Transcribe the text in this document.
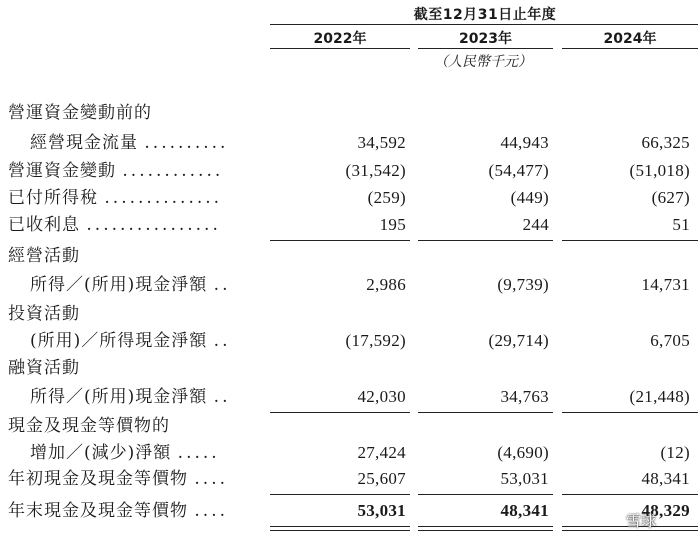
截至12月31日止年度
2022年	2023年	2024年
（人民幣千元）
營運資金變動前的
經營現金流量 ..........	34,592	44,943	66,325
營運資金變動 ............	(31,542)	(54,477)	(51,018)
已付所得稅 ..............	(259)	(449)	(627)
已收利息 ................	195	244	51
經營活動
所得／(所用)現金淨額 ..	2,986	(9,739)	14,731
投資活動
(所用)／所得現金淨額 ..	(17,592)	(29,714)	6,705
融資活動
所得／(所用)現金淨額 ..	42,030	34,763	(21,448)
現金及現金等價物的
增加／(減少)淨額 .....	27,424	(4,690)	(12)
年初現金及現金等價物 ....	25,607	53,031	48,341
年末現金及現金等價物 ....	53,031	48,341	48,329
雪球
